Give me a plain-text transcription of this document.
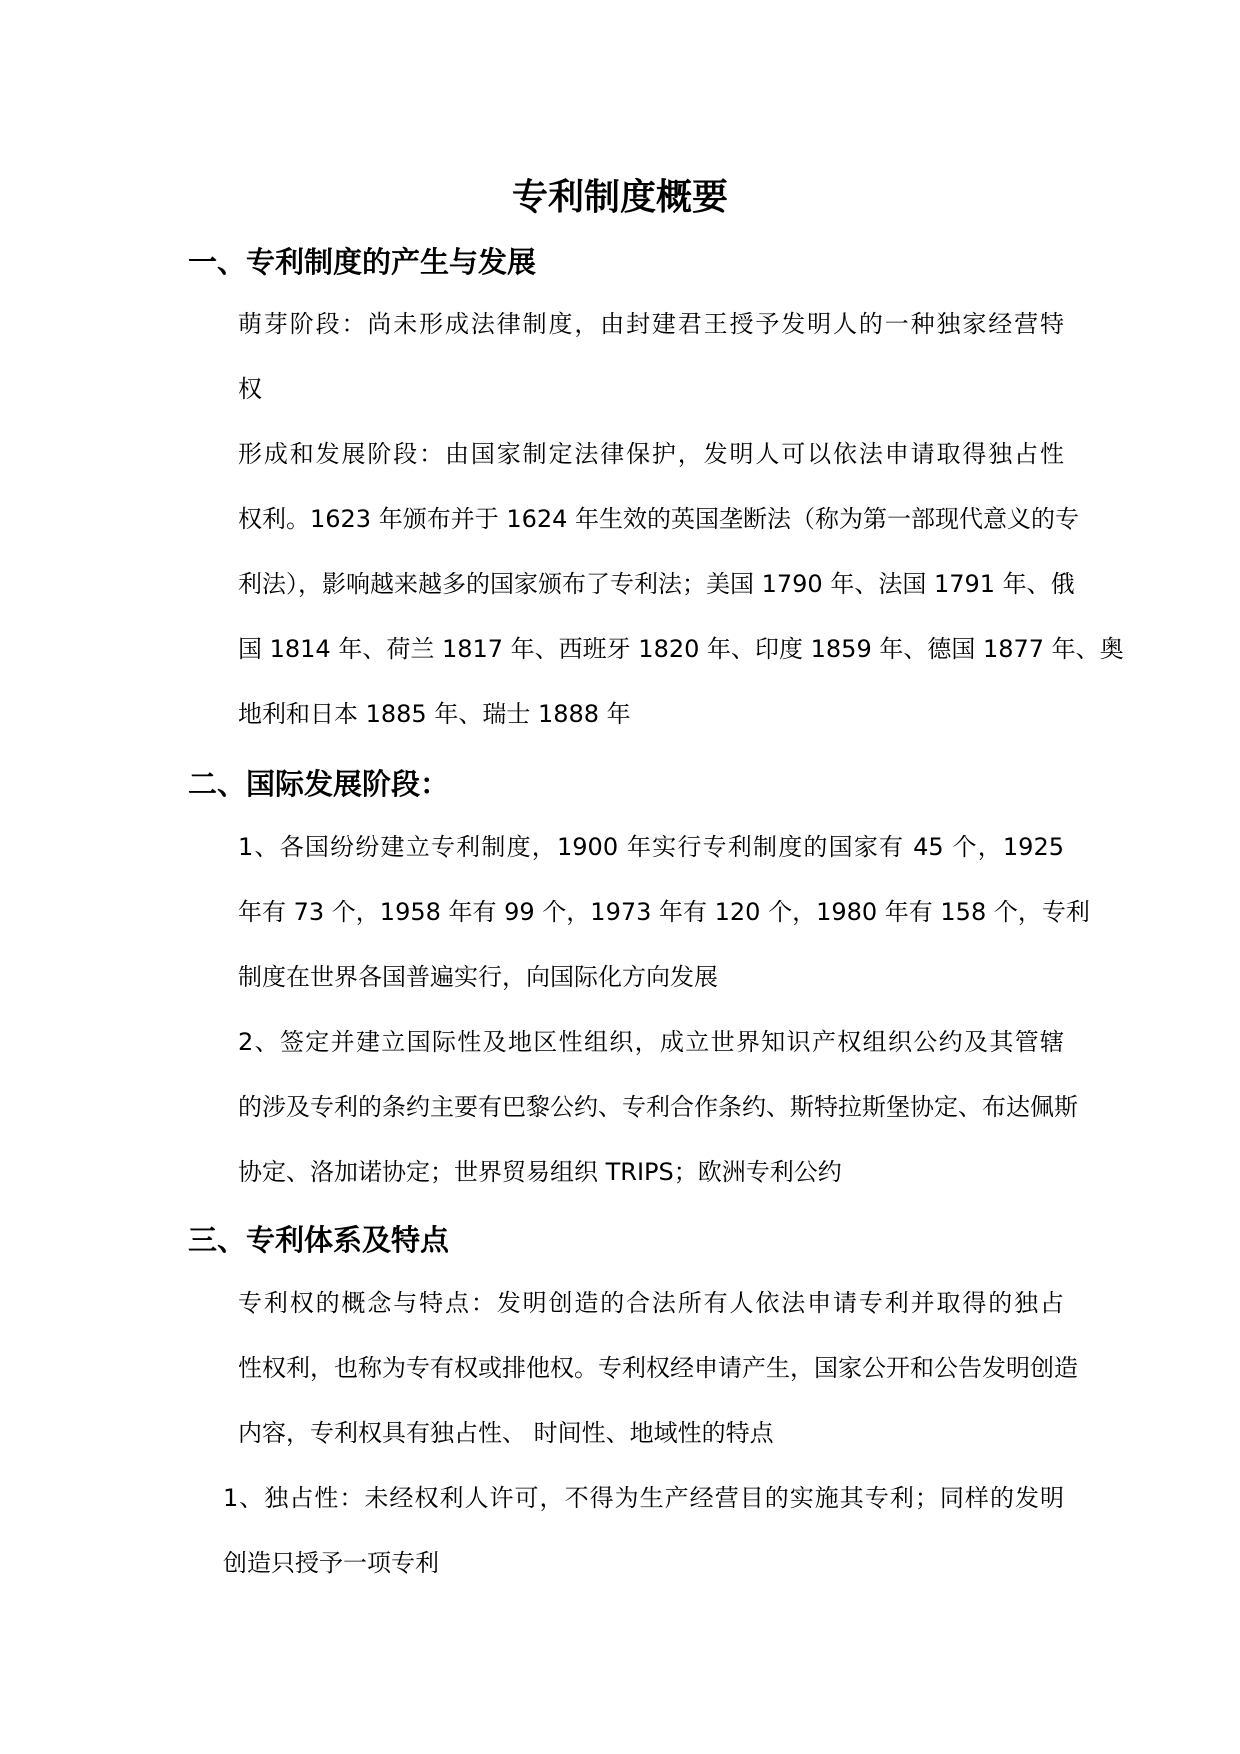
专利制度概要
一、专利制度的产生与发展

萌芽阶段：尚未形成法律制度，由封建君王授予发明人的一种独家经营特
权

形成和发展阶段：由国家制定法律保护，发明人可以依法申请取得独占性
权利。1623 年颁布并于 1624 年生效的英国垄断法（称为第一部现代意义的专
利法），影响越来越多的国家颁布了专利法；美国 1790 年、法国 1791 年、俄
国 1814 年、荷兰 1817 年、西班牙 1820 年、印度 1859 年、德国 1877 年、奥
地利和日本 1885 年、瑞士 1888 年

二、国际发展阶段：

1、各国纷纷建立专利制度，1900 年实行专利制度的国家有 45 个，1925
年有 73 个，1958 年有 99 个，1973 年有 120 个，1980 年有 158 个，专利
制度在世界各国普遍实行，向国际化方向发展

2、签定并建立国际性及地区性组织，成立世界知识产权组织公约及其管辖
的涉及专利的条约主要有巴黎公约、专利合作条约、斯特拉斯堡协定、布达佩斯
协定、洛加诺协定；世界贸易组织 TRIPS；欧洲专利公约

三、专利体系及特点

专利权的概念与特点：发明创造的合法所有人依法申请专利并取得的独占
性权利，也称为专有权或排他权。专利权经申请产生，国家公开和公告发明创造
内容，专利权具有独占性、 时间性、地域性的特点

1、独占性：未经权利人许可，不得为生产经营目的实施其专利；同样的发明
创造只授予一项专利
